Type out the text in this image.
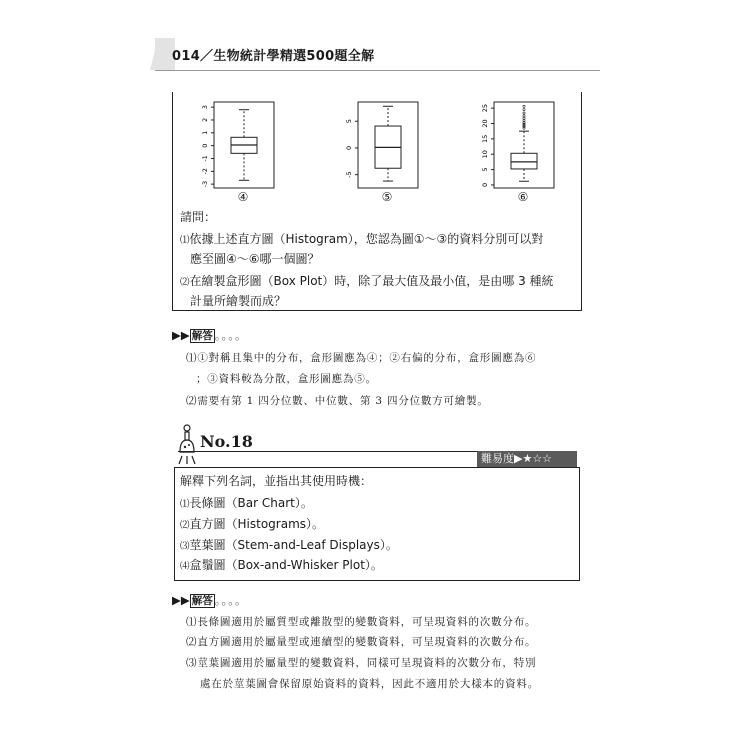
014／生物統計學精選500題全解
-3
-2
-1
0
1
2
3
-5
0
5
0
5
10
15
20
25
④	⑤	⑥
請問：
⑴依據上述直方圖（Histogram），您認為圖①～③的資料分別可以對
應至圖④～⑥哪一個圖？
⑵在繪製盒形圖（Box Plot）時，除了最大值及最小值，是由哪 3 種統
計量所繪製而成？
▶▶ 解答 。。。。
⑴①對稱且集中的分布，盒形圖應為④；②右偏的分布，盒形圖應為⑥
；③資料較為分散，盒形圖應為⑤。
⑵需要有第 1 四分位數、中位數、第 3 四分位數方可繪製。
No.18
難易度▶★☆☆
解釋下列名詞，並指出其使用時機：
⑴長條圖（Bar Chart）。
⑵直方圖（Histograms）。
⑶莖葉圖（Stem-and-Leaf Displays）。
⑷盒鬚圖（Box-and-Whisker Plot）。
▶▶ 解答 。。。。
⑴長條圖適用於屬質型或離散型的變數資料，可呈現資料的次數分布。
⑵直方圖適用於屬量型或連續型的變數資料，可呈現資料的次數分布。
⑶莖葉圖適用於屬量型的變數資料，同樣可呈現資料的次數分布，特別
處在於莖葉圖會保留原始資料的資料，因此不適用於大樣本的資料。
